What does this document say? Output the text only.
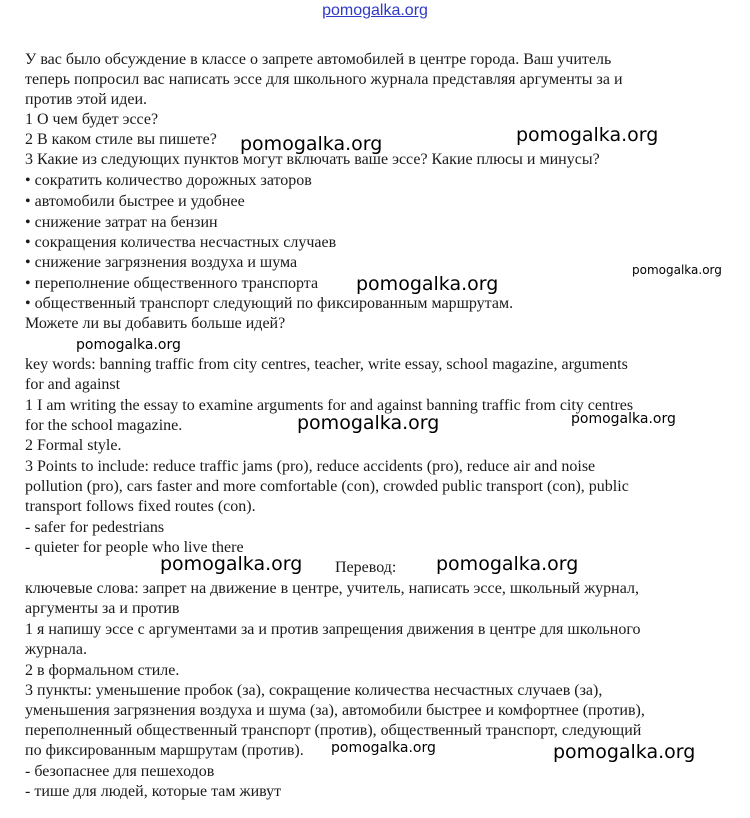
pomogalka.org
У вас было обсуждение в классе о запрете автомобилей в центре города. Ваш учитель
теперь попросил вас написать эссе для школьного журнала представляя аргументы за и
против этой идеи.
1 О чем будет эссе?
2 В каком стиле вы пишете?
3 Какие из следующих пунктов могут включать ваше эссе? Какие плюсы и минусы?
• сократить количество дорожных заторов
• автомобили быстрее и удобнее
• снижение затрат на бензин
• сокращения количества несчастных случаев
• снижение загрязнения воздуха и шума
• переполнение общественного транспорта
• общественный транспорт следующий по фиксированным маршрутам.
Можете ли вы добавить больше идей?
key words: banning traffic from city centres, teacher, write essay, school magazine, arguments
for and against
1 I am writing the essay to examine arguments for and against banning traffic from city centres
for the school magazine.
2 Formal style.
3 Points to include: reduce traffic jams (pro), reduce accidents (pro), reduce air and noise
pollution (pro), cars faster and more comfortable (con), crowded public transport (con), public
transport follows fixed routes (con).
- safer for pedestrians
- quieter for people who live there
Перевод:
ключевые слова: запрет на движение в центре, учитель, написать эссе, школьный журнал,
аргументы за и против
1 я напишу эссе с аргументами за и против запрещения движения в центре для школьного
журнала.
2 в формальном стиле.
3 пункты: уменьшение пробок (за), сокращение количества несчастных случаев (за),
уменьшения загрязнения воздуха и шума (за), автомобили быстрее и комфортнее (против),
переполненный общественный транспорт (против), общественный транспорт, следующий
по фиксированным маршрутам (против).
- безопаснее для пешеходов
- тише для людей, которые там живут
pomogalka.org	pomogalka.org
pomogalka.org
pomogalka.org
pomogalka.org
pomogalka.org	pomogalka.org
pomogalka.org	pomogalka.org
pomogalka.org	pomogalka.org
